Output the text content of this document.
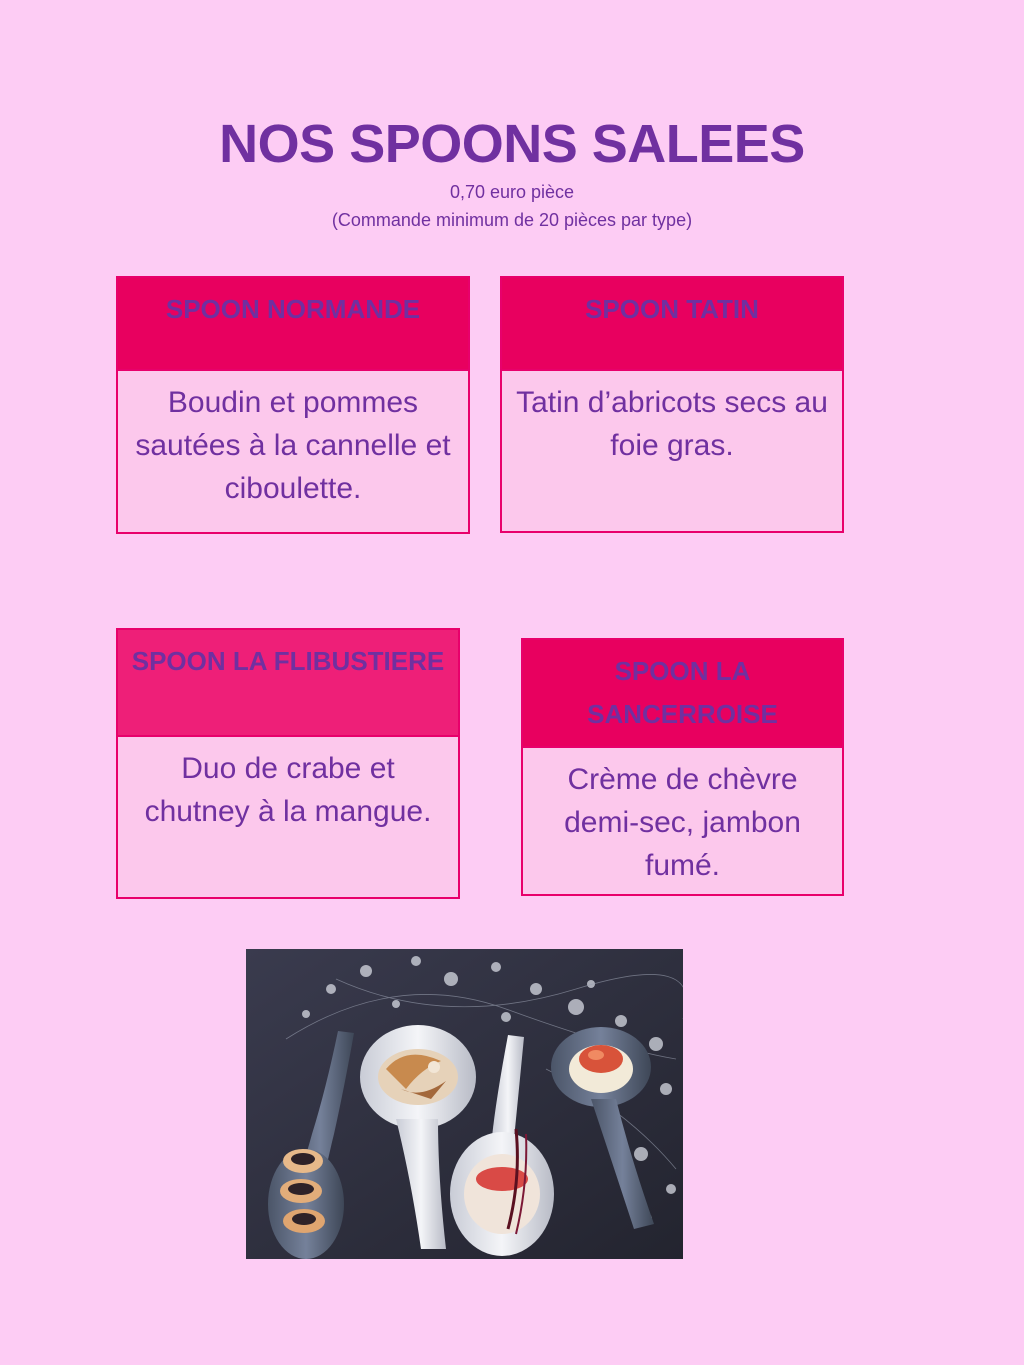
NOS SPOONS SALEES
0,70 euro pièce
(Commande minimum de 20 pièces par type)
SPOON NORMANDE
Boudin et pommes sautées à la cannelle et ciboulette.
SPOON TATIN
Tatin d’abricots secs au foie gras.
SPOON LA FLIBUSTIERE
Duo de crabe et chutney à la mangue.
SPOON LA SANCERROISE
Crème de chèvre demi-sec, jambon fumé.
